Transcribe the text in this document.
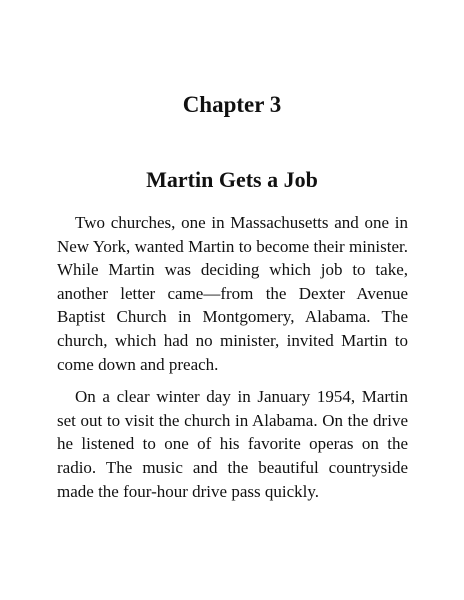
Chapter 3
Martin Gets a Job

Two churches, one in Massachusetts and one in New York, wanted Martin to become their minister. While Martin was deciding which job to take, another letter came—from the Dexter Avenue Baptist Church in Montgomery, Alabama. The church, which had no minister, invited Martin to come down and preach.

On a clear winter day in January 1954, Martin set out to visit the church in Alabama. On the drive he listened to one of his favorite operas on the radio. The music and the beautiful countryside made the four-hour drive pass quickly.
